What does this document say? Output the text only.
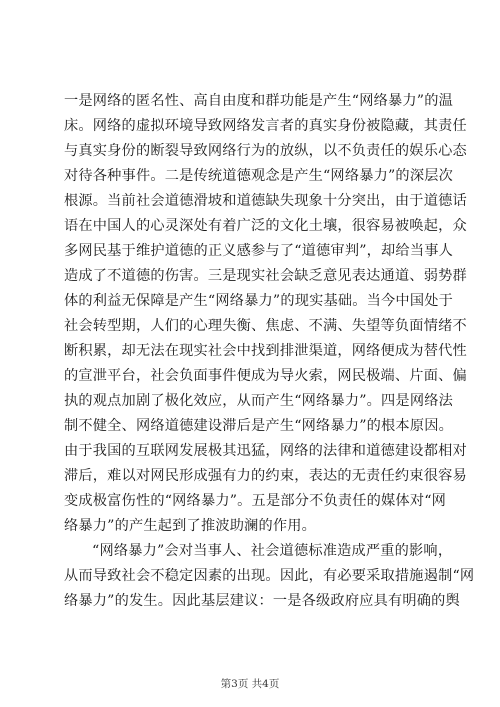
一是网络的匿名性、高自由度和群功能是产生“网络暴力”的温
床。网络的虚拟环境导致网络发言者的真实身份被隐藏，其责任
与真实身份的断裂导致网络行为的放纵，以不负责任的娱乐心态
对待各种事件。二是传统道德观念是产生“网络暴力”的深层次
根源。当前社会道德滑坡和道德缺失现象十分突出，由于道德话
语在中国人的心灵深处有着广泛的文化土壤，很容易被唤起，众
多网民基于维护道德的正义感参与了“道德审判”，却给当事人
造成了不道德的伤害。三是现实社会缺乏意见表达通道、弱势群
体的利益无保障是产生“网络暴力”的现实基础。当今中国处于
社会转型期，人们的心理失衡、焦虑、不满、失望等负面情绪不
断积累，却无法在现实社会中找到排泄渠道，网络便成为替代性
的宣泄平台，社会负面事件便成为导火索，网民极端、片面、偏
执的观点加剧了极化效应，从而产生“网络暴力”。四是网络法
制不健全、网络道德建设滞后是产生“网络暴力”的根本原因。
由于我国的互联网发展极其迅猛，网络的法律和道德建设都相对
滞后，难以对网民形成强有力的约束，表达的无责任约束很容易
变成极富伤性的“网络暴力”。五是部分不负责任的媒体对“网
络暴力”的产生起到了推波助澜的作用。
“网络暴力”会对当事人、社会道德标准造成严重的影响，
从而导致社会不稳定因素的出现。因此，有必要采取措施遏制“网
络暴力”的发生。因此基层建议：一是各级政府应具有明确的舆
第3页 共4页
